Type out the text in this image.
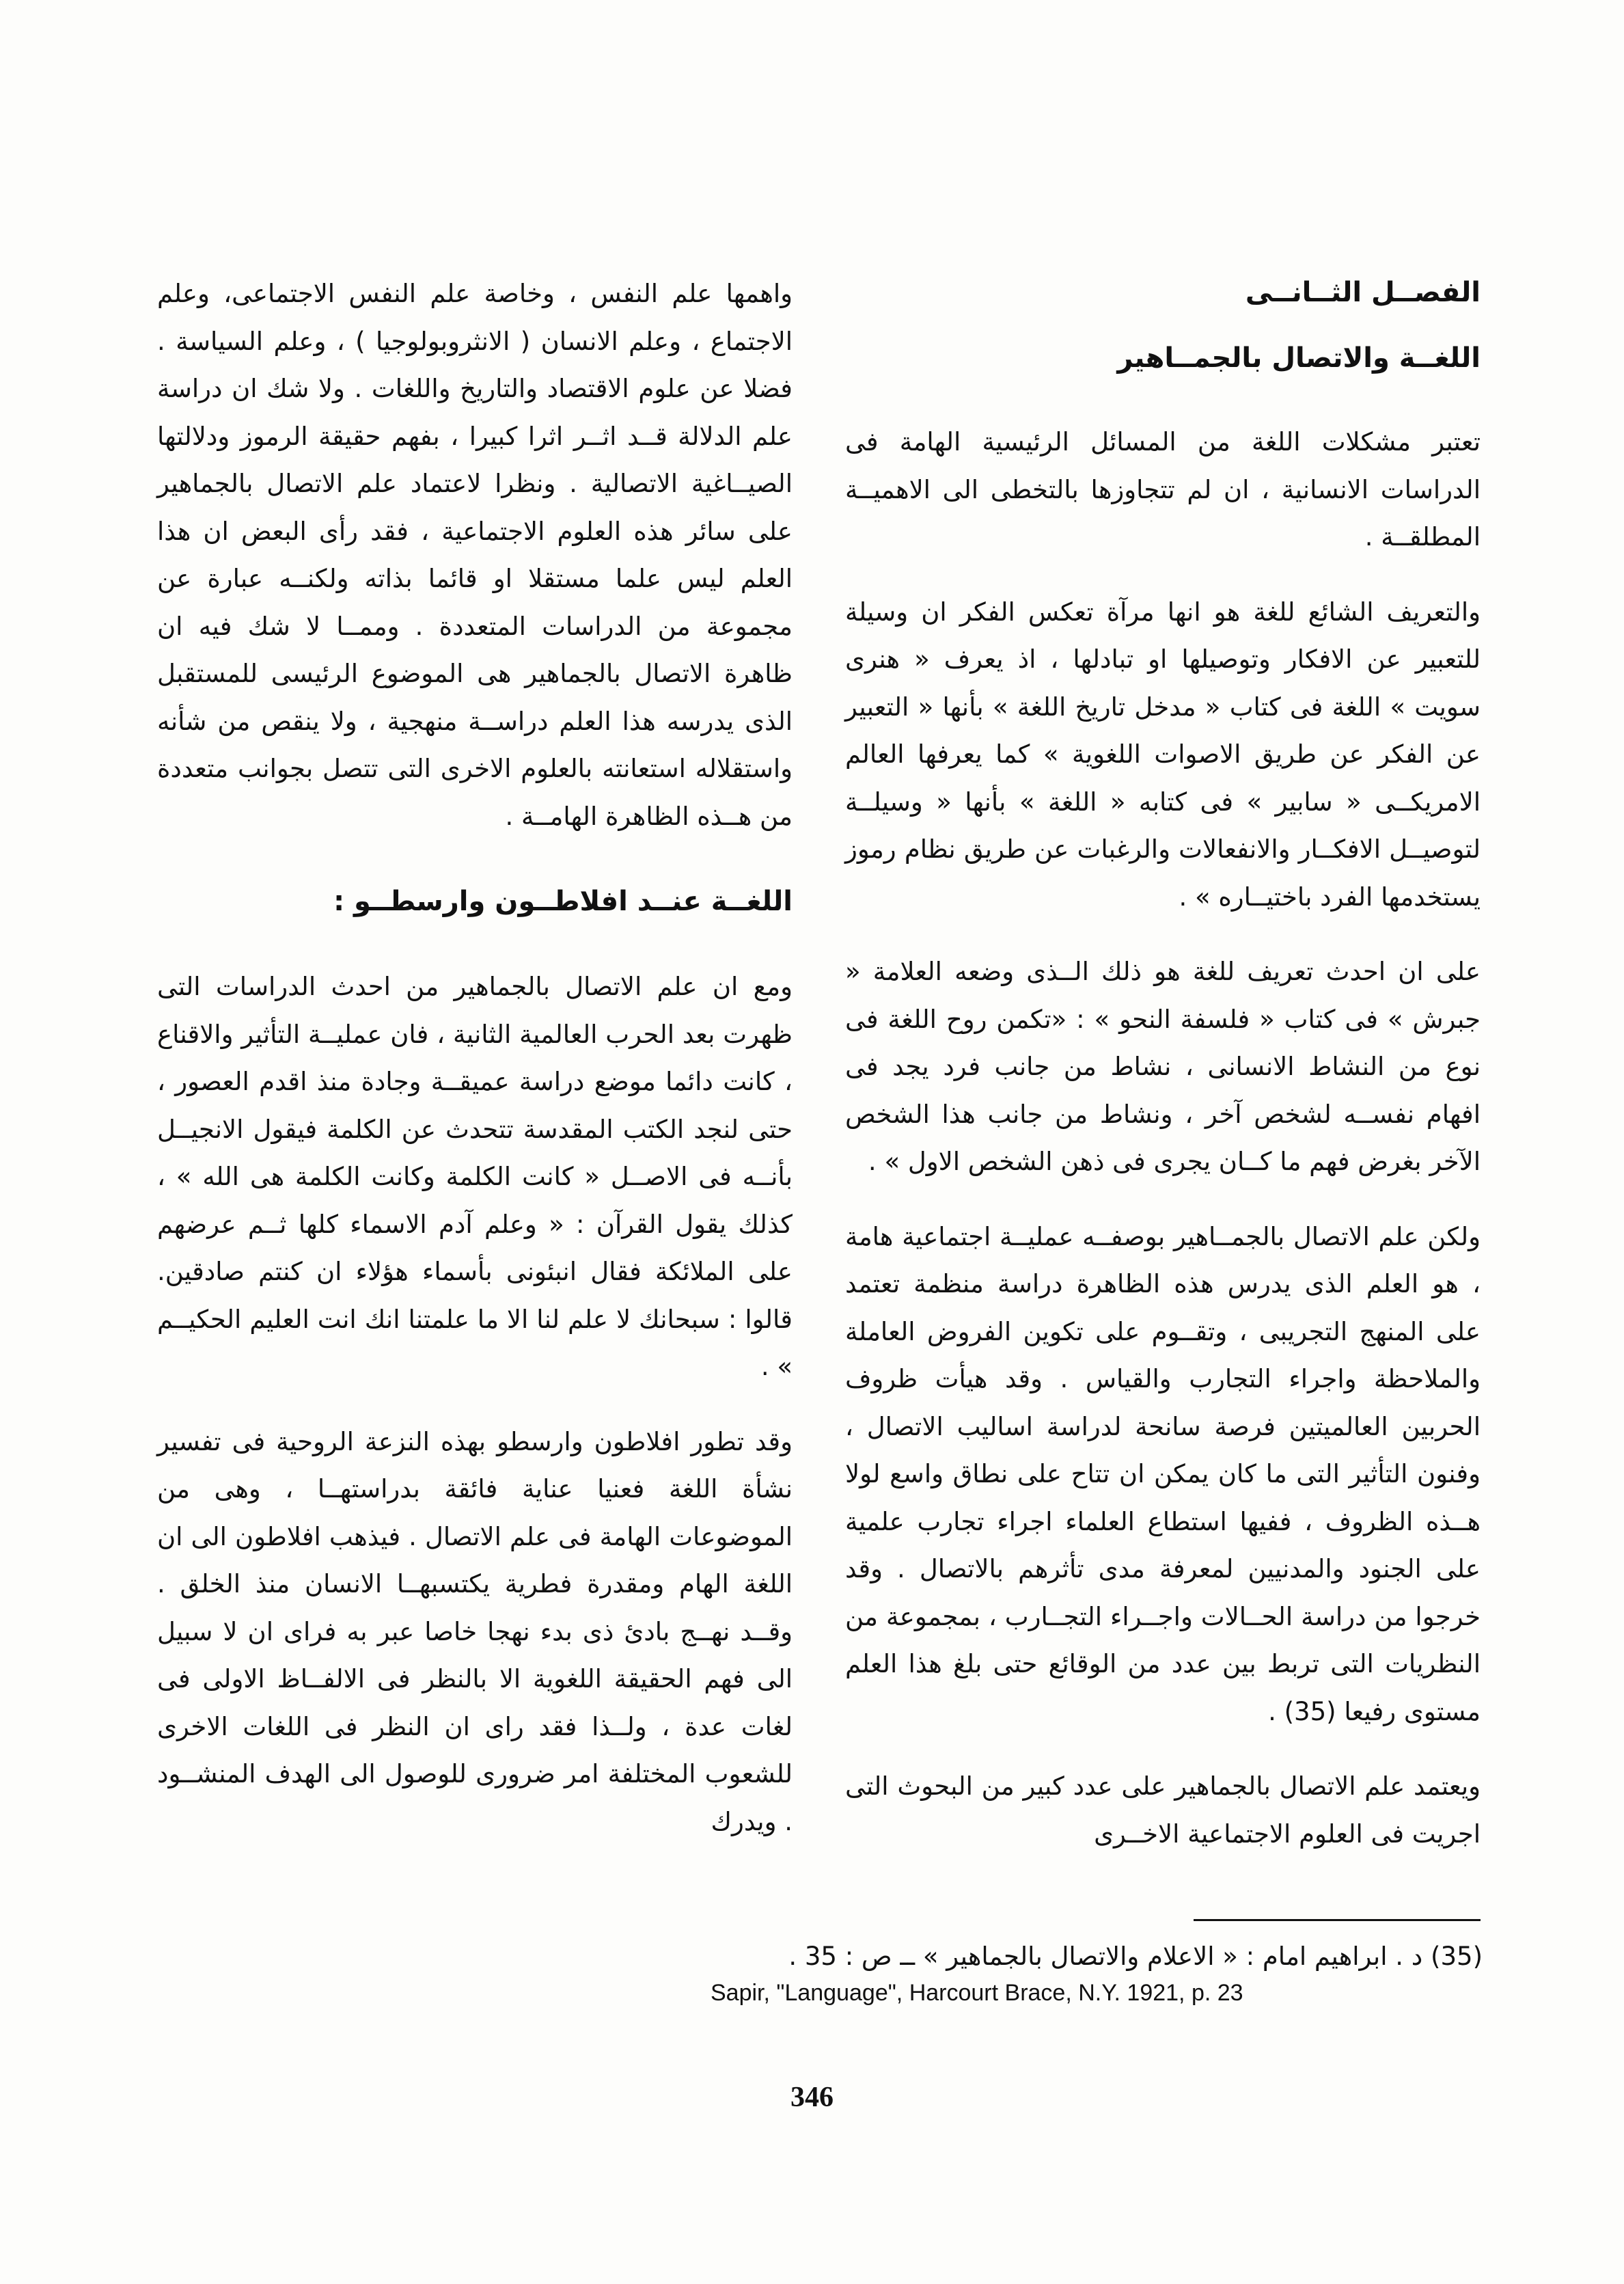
الفصــل الثــانــى
اللغــة والاتصال بالجمــاهير

تعتبر مشكلات اللغة من المسائل الرئيسية الهامة فى الدراسات الانسانية ، ان لم تتجاوزها بالتخطى الى الاهميــة المطلقــة .

والتعريف الشائع للغة هو انها مرآة تعكس الفكر ان وسيلة للتعبير عن الافكار وتوصيلها او تبادلها ، اذ يعرف « هنرى سويت » اللغة فى كتاب « مدخل تاريخ اللغة » بأنها « التعبير عن الفكر عن طريق الاصوات اللغوية » كما يعرفها العالم الامريكــى « سابير » فى كتابه « اللغة » بأنها « وسيلــة لتوصيــل الافكــار والانفعالات والرغبات عن طريق نظام رموز يستخدمها الفرد باختيــاره » .

على ان احدث تعريف للغة هو ذلك الــذى وضعه العلامة « جبرش » فى كتاب « فلسفة النحو » : «تكمن روح اللغة فى نوع من النشاط الانسانى ، نشاط من جانب فرد يجد فى افهام نفســه لشخص آخر ، ونشاط من جانب هذا الشخص الآخر بغرض فهم ما كــان يجرى فى ذهن الشخص الاول » .

ولكن علم الاتصال بالجمــاهير بوصفــه عمليــة اجتماعية هامة ، هو العلم الذى يدرس هذه الظاهرة دراسة منظمة تعتمد على المنهج التجريبى ، وتقــوم على تكوين الفروض العاملة والملاحظة واجراء التجارب والقياس . وقد هيأت ظروف الحربين العالميتين فرصة سانحة لدراسة اساليب الاتصال ، وفنون التأثير التى ما كان يمكن ان تتاح على نطاق واسع لولا هــذه الظروف ، ففيها استطاع العلماء اجراء تجارب علمية على الجنود والمدنيين لمعرفة مدى تأثرهم بالاتصال . وقد خرجوا من دراسة الحــالات واجــراء التجــارب ، بمجموعة من النظريات التى تربط بين عدد من الوقائع حتى بلغ هذا العلم مستوى رفيعا (35) .

ويعتمد علم الاتصال بالجماهير على عدد كبير من البحوث التى اجريت فى العلوم الاجتماعية الاخــرى

واهمها علم النفس ، وخاصة علم النفس الاجتماعى، وعلم الاجتماع ، وعلم الانسان ( الانثروبولوجيا ) ، وعلم السياسة . فضلا عن علوم الاقتصاد والتاريخ واللغات . ولا شك ان دراسة علم الدلالة قــد اثــر اثرا كبيرا ، بفهم حقيقة الرموز ودلالتها الصيــاغية الاتصالية . ونظرا لاعتماد علم الاتصال بالجماهير على سائر هذه العلوم الاجتماعية ، فقد رأى البعض ان هذا العلم ليس علما مستقلا او قائما بذاته ولكنــه عبارة عن مجموعة من الدراسات المتعددة . وممــا لا شك فيه ان ظاهرة الاتصال بالجماهير هى الموضوع الرئيسى للمستقبل الذى يدرسه هذا العلم دراســة منهجية ، ولا ينقص من شأنه واستقلاله استعانته بالعلوم الاخرى التى تتصل بجوانب متعددة من هــذه الظاهرة الهامــة .

اللغــة عنــد افلاطــون وارسطــو :

ومع ان علم الاتصال بالجماهير من احدث الدراسات التى ظهرت بعد الحرب العالمية الثانية ، فان عمليــة التأثير والاقناع ، كانت دائما موضع دراسة عميقــة وجادة منذ اقدم العصور ، حتى لنجد الكتب المقدسة تتحدث عن الكلمة فيقول الانجيــل بأنــه فى الاصــل « كانت الكلمة وكانت الكلمة هى الله » ، كذلك يقول القرآن : « وعلم آدم الاسماء كلها ثــم عرضهم على الملائكة فقال انبئونى بأسماء هؤلاء ان كنتم صادقين. قالوا : سبحانك لا علم لنا الا ما علمتنا انك انت العليم الحكيــم » .

وقد تطور افلاطون وارسطو بهذه النزعة الروحية فى تفسير نشأة اللغة فعنيا عناية فائقة بدراستهــا ، وهى من الموضوعات الهامة فى علم الاتصال . فيذهب افلاطون الى ان اللغة الهام ومقدرة فطرية يكتسبهــا الانسان منذ الخلق . وقــد نهــج بادئ ذى بدء نهجا خاصا عبر به فراى ان لا سبيل الى فهم الحقيقة اللغوية الا بالنظر فى الالفــاظ الاولى فى لغات عدة ، ولــذا فقد راى ان النظر فى اللغات الاخرى للشعوب المختلفة امر ضرورى للوصول الى الهدف المنشــود . ويدرك

(35) د . ابراهيم امام : « الاعلام والاتصال بالجماهير » ــ ص : 35 .

Sapir, "Language", Harcourt Brace, N.Y. 1921, p. 23

346
